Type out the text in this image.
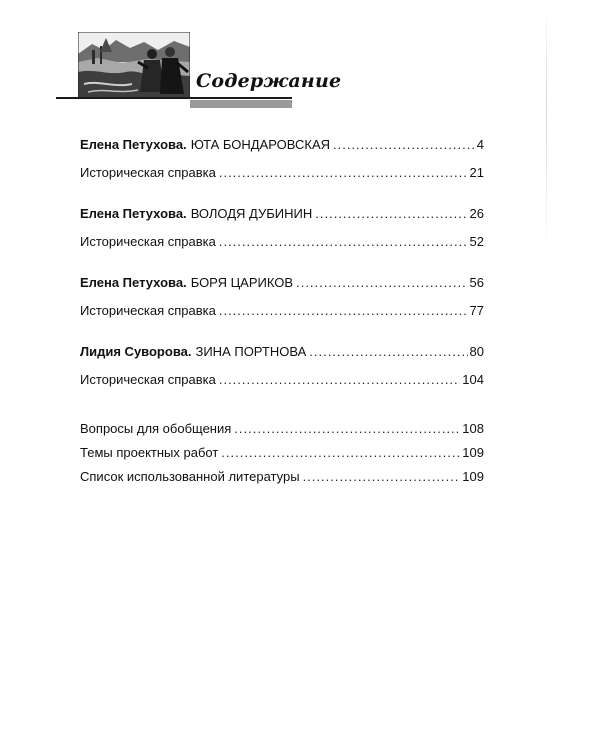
Содержание
Елена Петухова. ЮТА БОНДАРОВСКАЯ .....	4
Историческая справка .....	21
Елена Петухова. ВОЛОДЯ ДУБИНИН .....	26
Историческая справка .....	52
Елена Петухова. БОРЯ ЦАРИКОВ .....	56
Историческая справка .....	77
Лидия Суворова. ЗИНА ПОРТНОВА .....	80
Историческая справка .....	104
Вопросы для обобщения .....	108
Темы проектных работ .....	109
Список использованной литературы .....	109
